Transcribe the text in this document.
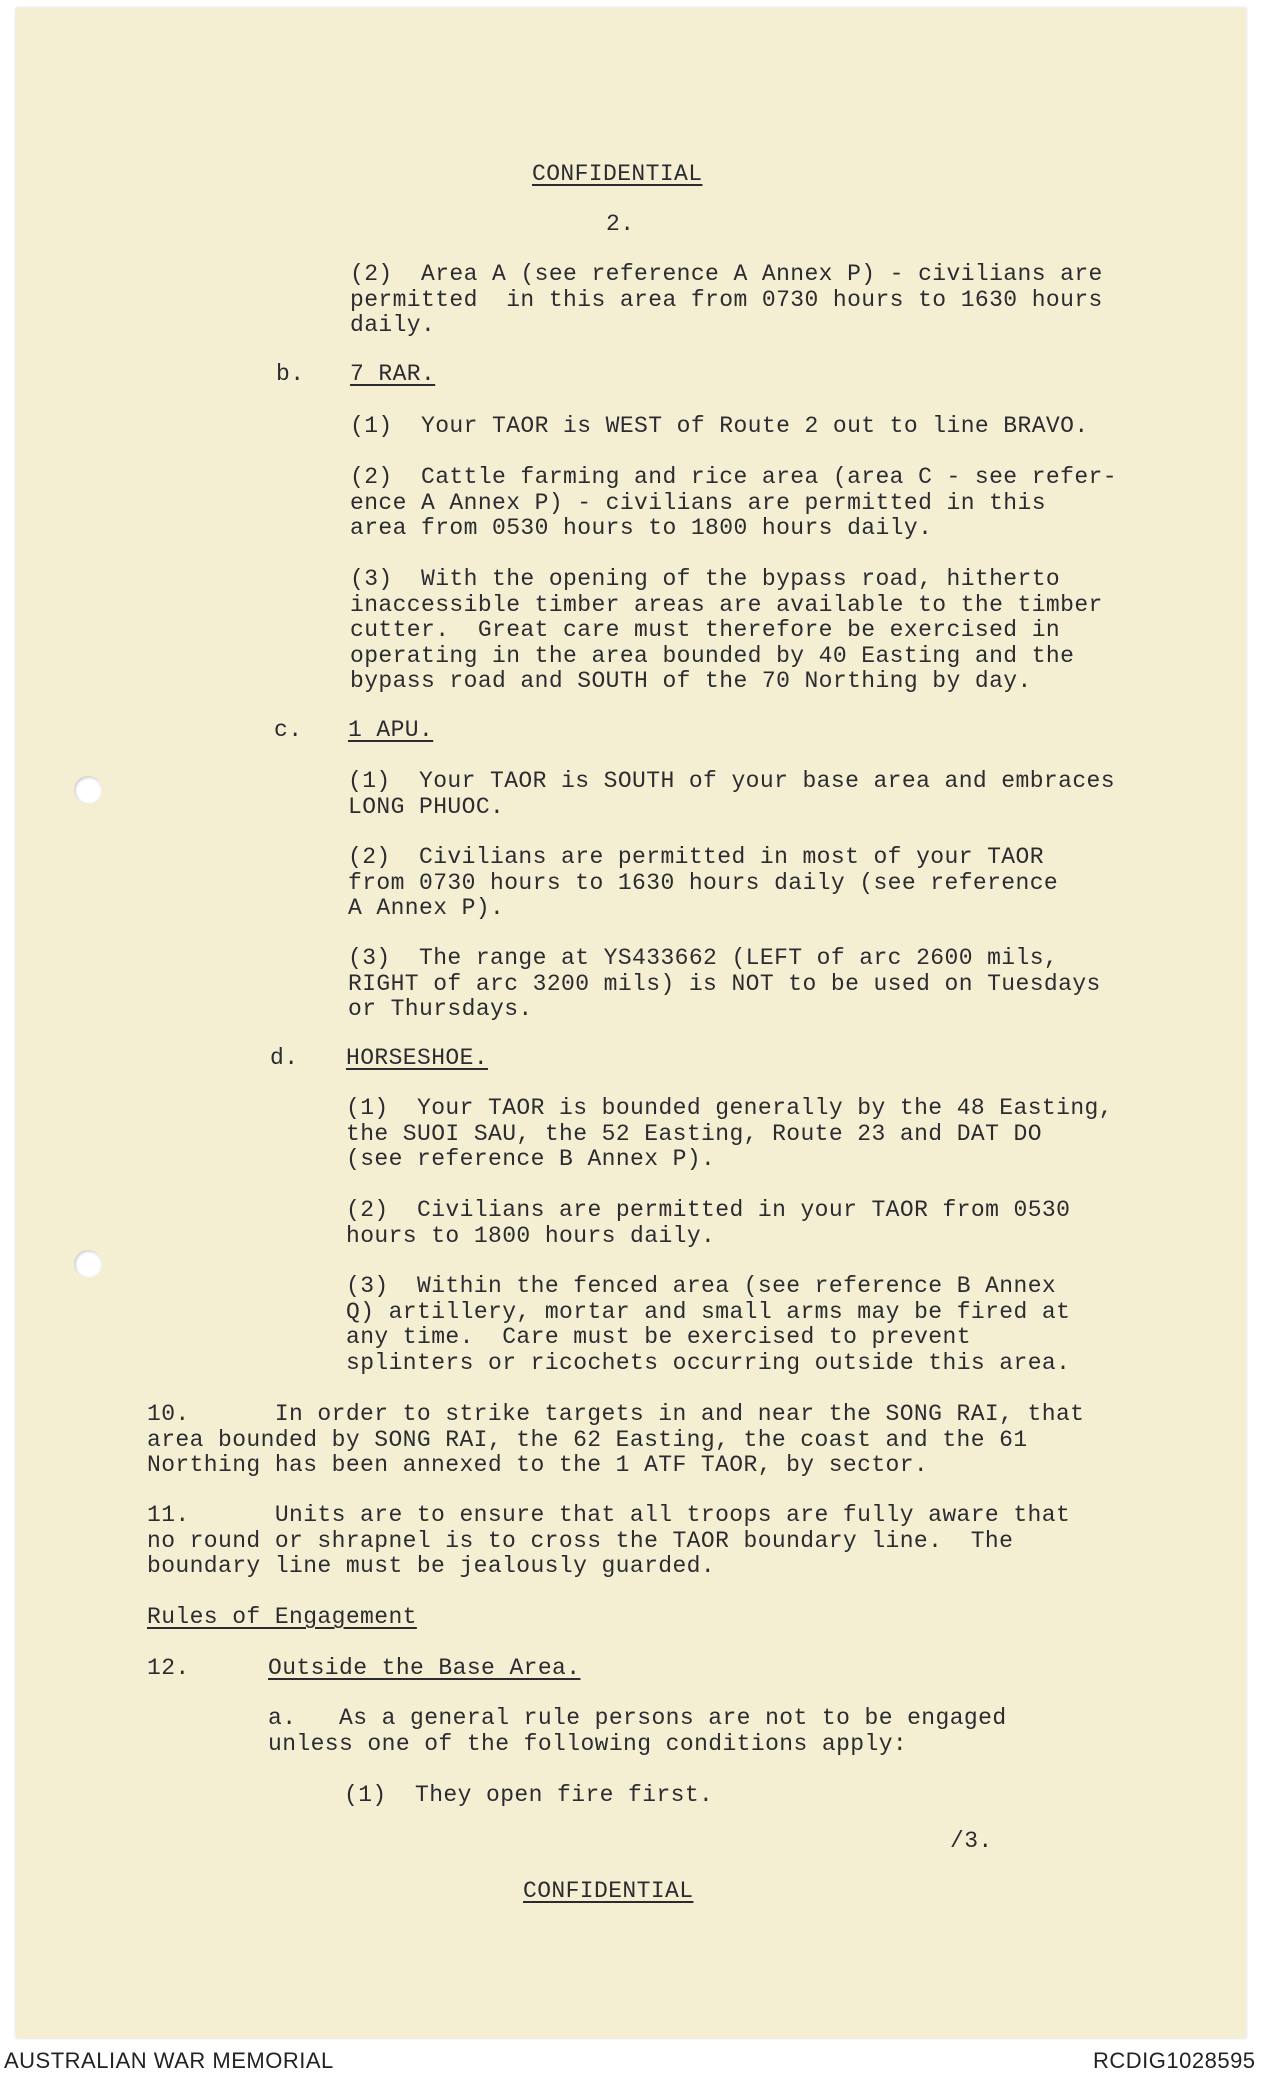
CONFIDENTIAL
2.
(2)  Area A (see reference A Annex P) - civilians are
permitted  in this area from 0730 hours to 1630 hours
daily.
b. 7 RAR.
(1)  Your TAOR is WEST of Route 2 out to line BRAVO.
(2)  Cattle farming and rice area (area C - see refer-
ence A Annex P) - civilians are permitted in this
area from 0530 hours to 1800 hours daily.
(3)  With the opening of the bypass road, hitherto
inaccessible timber areas are available to the timber
cutter.  Great care must therefore be exercised in
operating in the area bounded by 40 Easting and the
bypass road and SOUTH of the 70 Northing by day.
c. 1 APU.
(1)  Your TAOR is SOUTH of your base area and embraces
LONG PHUOC.
(2)  Civilians are permitted in most of your TAOR
from 0730 hours to 1630 hours daily (see reference
A Annex P).
(3)  The range at YS433662 (LEFT of arc 2600 mils,
RIGHT of arc 3200 mils) is NOT to be used on Tuesdays
or Thursdays.
d. HORSESHOE.
(1)  Your TAOR is bounded generally by the 48 Easting,
the SUOI SAU, the 52 Easting, Route 23 and DAT DO
(see reference B Annex P).
(2)  Civilians are permitted in your TAOR from 0530
hours to 1800 hours daily.
(3)  Within the fenced area (see reference B Annex
Q) artillery, mortar and small arms may be fired at
any time.  Care must be exercised to prevent
splinters or ricochets occurring outside this area.
10.      In order to strike targets in and near the SONG RAI, that
area bounded by SONG RAI, the 62 Easting, the coast and the 61
Northing has been annexed to the 1 ATF TAOR, by sector.
11.      Units are to ensure that all troops are fully aware that
no round or shrapnel is to cross the TAOR boundary line.  The
boundary line must be jealously guarded.
Rules of Engagement
12.	Outside the Base Area.
a.   As a general rule persons are not to be engaged
unless one of the following conditions apply:
(1)  They open fire first.
/3.
CONFIDENTIAL
AUSTRALIAN WAR MEMORIAL	RCDIG1028595
